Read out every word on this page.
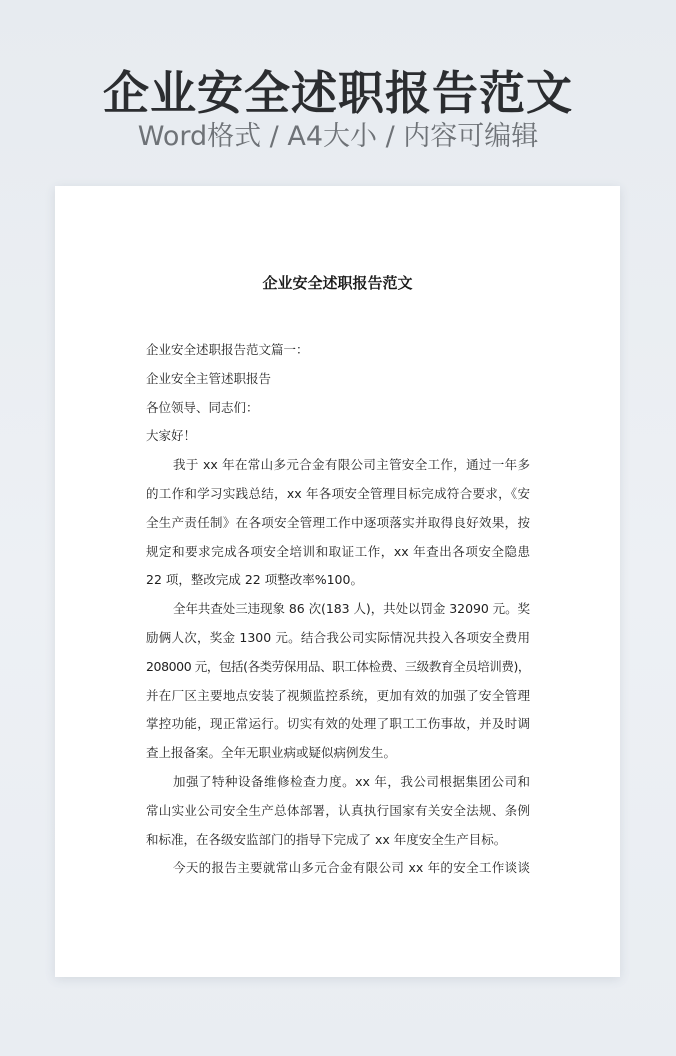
企业安全述职报告范文

Word格式 / A4大小 / 内容可编辑

企业安全述职报告范文
企业安全述职报告范文篇一：
企业安全主管述职报告
各位领导、同志们：
大家好！
我于 xx 年在常山多元合金有限公司主管安全工作，通过一年多
的工作和学习实践总结，xx 年各项安全管理目标完成符合要求，《安
全生产责任制》在各项安全管理工作中逐项落实并取得良好效果，按
规定和要求完成各项安全培训和取证工作，xx 年查出各项安全隐患
22 项，整改完成 22 项整改率%100。
全年共查处三违现象 86 次(183 人)，共处以罚金 32090 元。奖
励俩人次，奖金 1300 元。结合我公司实际情况共投入各项安全费用
208000 元，包括(各类劳保用品、职工体检费、三级教育全员培训费)，
并在厂区主要地点安装了视频监控系统，更加有效的加强了安全管理
掌控功能，现正常运行。切实有效的处理了职工工伤事故，并及时调
查上报备案。全年无职业病或疑似病例发生。
加强了特种设备维修检查力度。xx 年，我公司根据集团公司和
常山实业公司安全生产总体部署，认真执行国家有关安全法规、条例
和标准，在各级安监部门的指导下完成了 xx 年度安全生产目标。
今天的报告主要就常山多元合金有限公司 xx 年的安全工作谈谈
